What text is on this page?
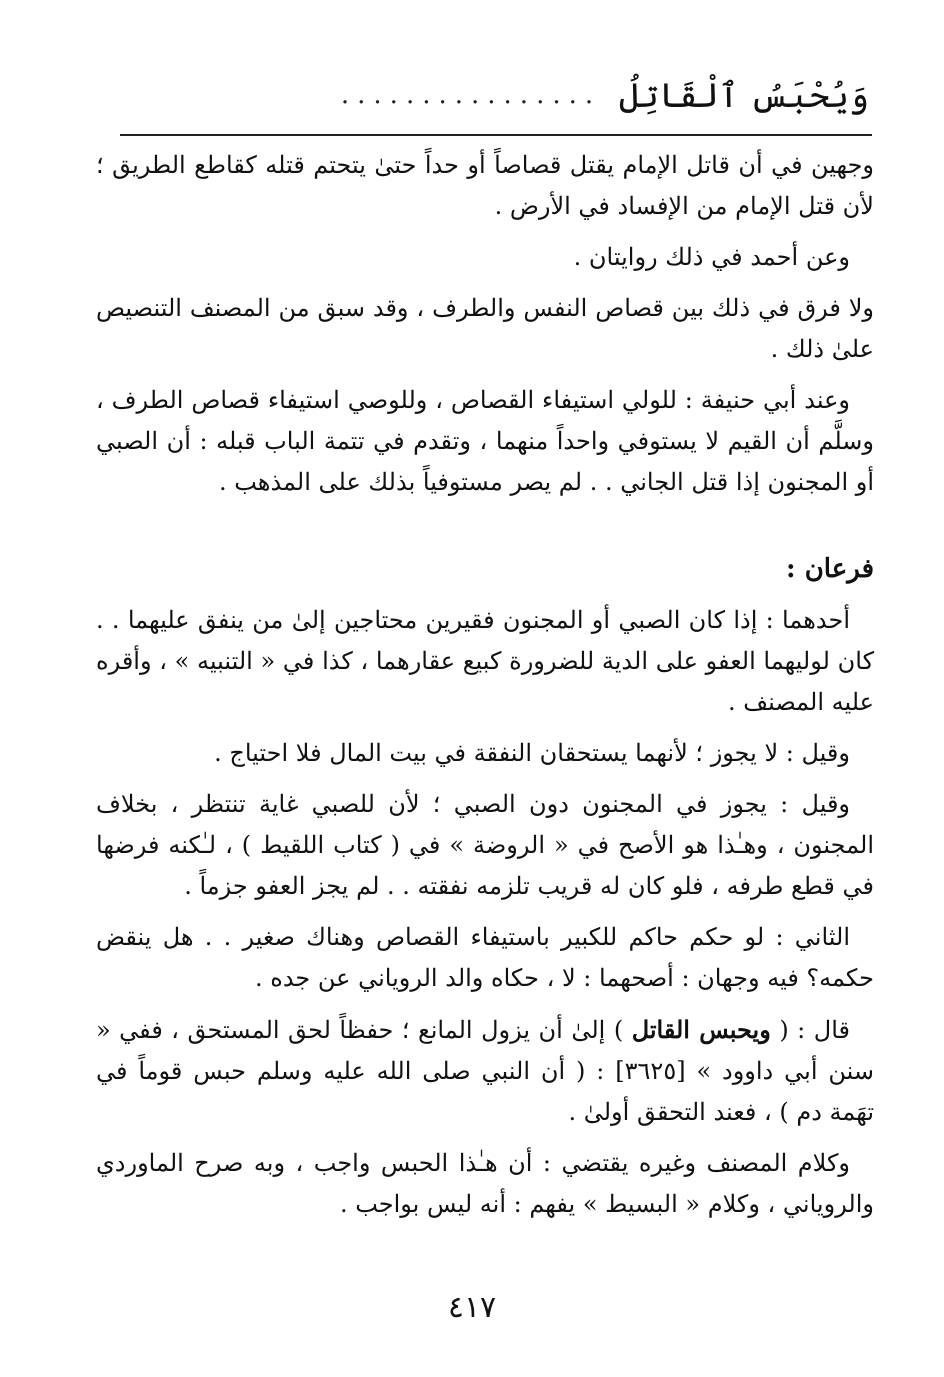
وَيُحْبَسُ ٱلْقَاتِلُ
................

وجهين في أن قاتل الإمام يقتل قصاصاً أو حداً حتىٰ يتحتم قتله كقاطع الطريق ؛ لأن قتل الإمام من الإفساد في الأرض .

وعن أحمد في ذلك روايتان .

ولا فرق في ذلك بين قصاص النفس والطرف ، وقد سبق من المصنف التنصيص علىٰ ذلك .

وعند أبي حنيفة : للولي استيفاء القصاص ، وللوصي استيفاء قصاص الطرف ، وسلَّم أن القيم لا يستوفي واحداً منهما ، وتقدم في تتمة الباب قبله : أن الصبي أو المجنون إذا قتل الجاني . . لم يصر مستوفياً بذلك على المذهب .

فرعان :

أحدهما : إذا كان الصبي أو المجنون فقيرين محتاجين إلىٰ من ينفق عليهما . . كان لوليهما العفو على الدية للضرورة كبيع عقارهما ، كذا في « التنبيه » ، وأقره عليه المصنف .

وقيل : لا يجوز ؛ لأنهما يستحقان النفقة في بيت المال فلا احتياج .

وقيل : يجوز في المجنون دون الصبي ؛ لأن للصبي غاية تنتظر ، بخلاف المجنون ، وهـٰذا هو الأصح في « الروضة » في ( كتاب اللقيط ) ، لـٰكنه فرضها في قطع طرفه ، فلو كان له قريب تلزمه نفقته . . لم يجز العفو جزماً .

الثاني : لو حكم حاكم للكبير باستيفاء القصاص وهناك صغير . . هل ينقض حكمه؟ فيه وجهان : أصحهما : لا ، حكاه والد الروياني عن جده .

قال : ( ويحبس القاتل ) إلىٰ أن يزول المانع ؛ حفظاً لحق المستحق ، ففي « سنن أبي داوود » [٣٦٢٥] : ( أن النبي صلى الله عليه وسلم حبس قوماً في تهَمة دم ) ، فعند التحقق أولىٰ .

وكلام المصنف وغيره يقتضي : أن هـٰذا الحبس واجب ، وبه صرح الماوردي والروياني ، وكلام « البسيط » يفهم : أنه ليس بواجب .

٤١٧
